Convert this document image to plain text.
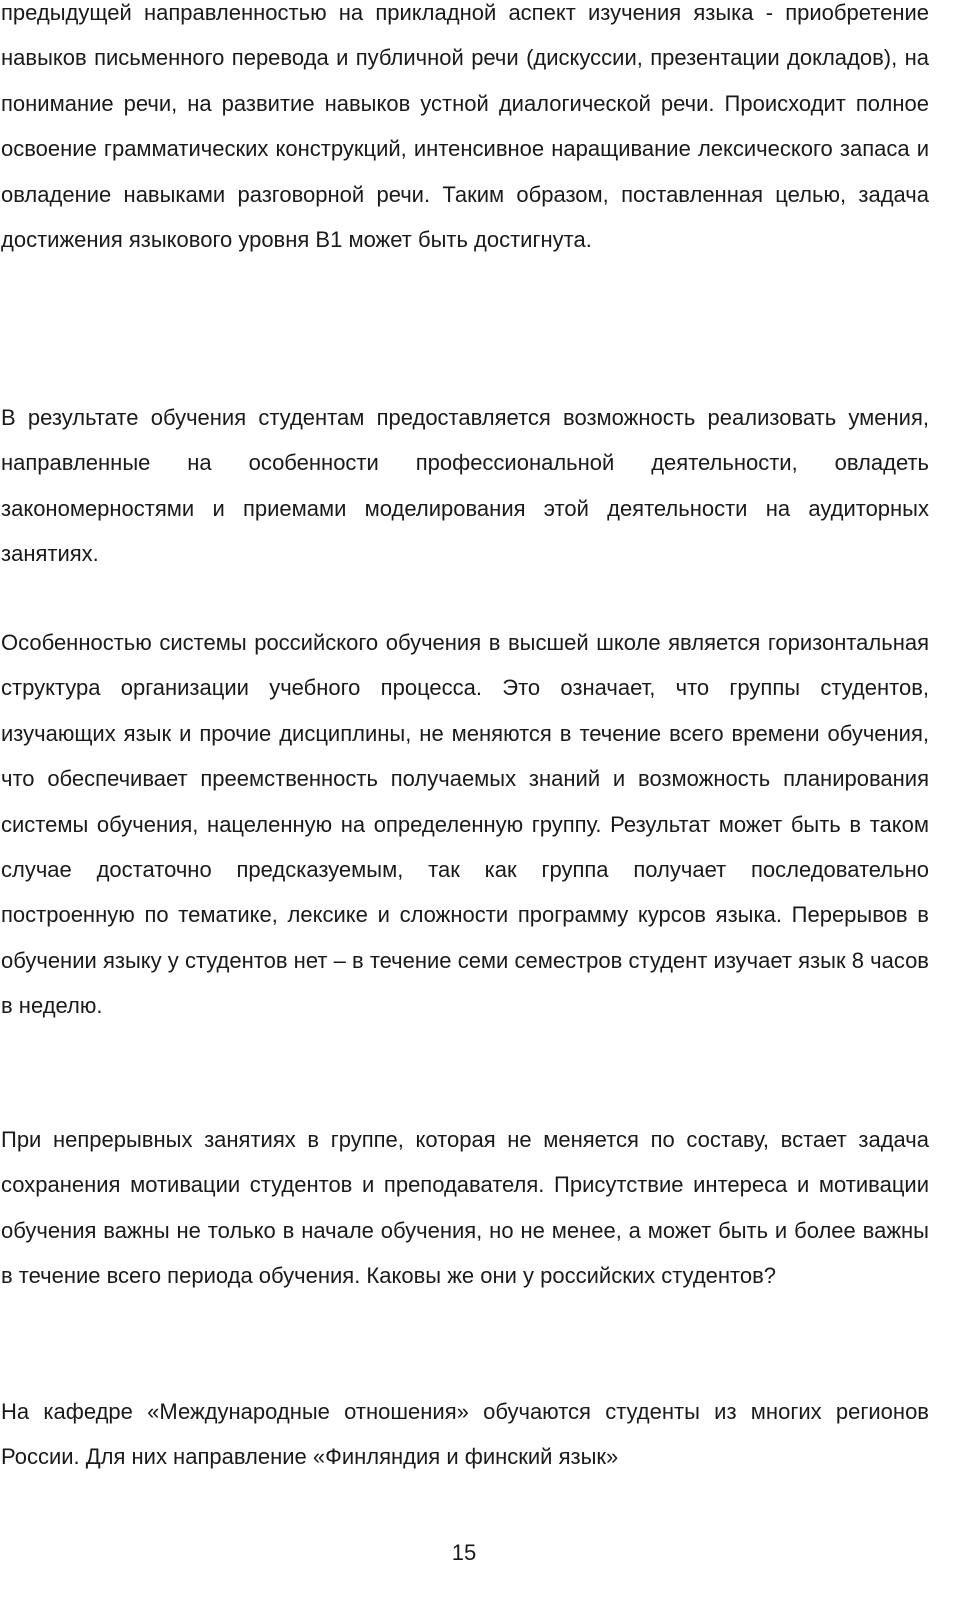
предыдущей направленностью на прикладной аспект изучения языка - приобретение навыков письменного перевода и публичной речи (дискуссии, презентации докладов), на понимание речи, на развитие навыков устной диалогической речи. Происходит полное освоение грамматических конструкций, интенсивное наращивание лексического запаса и овладение навыками разговорной речи. Таким образом, поставленная целью, задача достижения языкового уровня В1 может быть достигнута.

В результате обучения студентам предоставляется возможность реализовать умения, направленные на особенности профессиональной деятельности, овладеть закономерностями и приемами моделирования этой деятельности на аудиторных занятиях.

Особенностью системы российского обучения в высшей школе является горизонтальная структура организации учебного процесса. Это означает, что группы студентов, изучающих язык и прочие дисциплины, не меняются в течение всего времени обучения, что обеспечивает преемственность получаемых знаний и возможность планирования системы обучения, нацеленную на определенную группу. Результат может быть в таком случае достаточно предсказуемым, так как группа получает последовательно построенную по тематике, лексике и сложности программу курсов языка. Перерывов в обучении языку у студентов нет – в течение семи семестров студент изучает язык 8 часов в неделю.

При непрерывных занятиях в группе, которая не меняется по составу, встает задача сохранения мотивации студентов и преподавателя. Присутствие интереса и мотивации обучения важны не только в начале обучения, но не менее, а может быть и более важны в течение всего периода обучения. Каковы же они у российских студентов?

На кафедре «Международные отношения» обучаются студенты из многих регионов России. Для них направление «Финляндия и финский язык»

15
